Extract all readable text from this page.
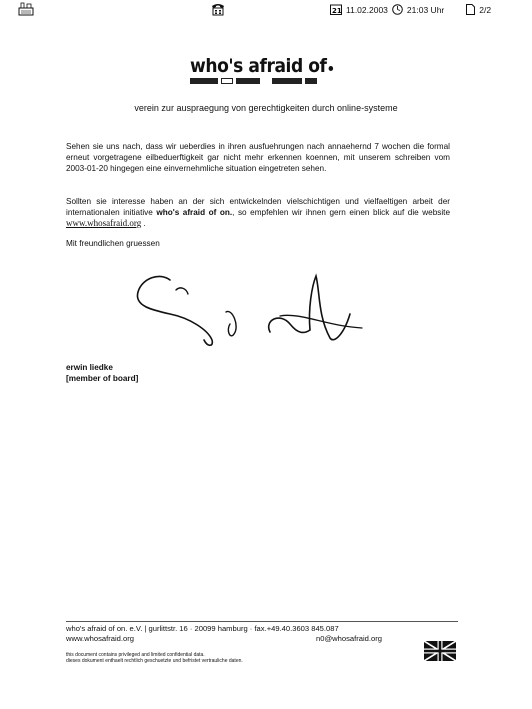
21 11.02.2003 21:03 Uhr	2/2
who's afraid of
verein zur auspraegung von gerechtigkeiten durch online-systeme
Sehen sie uns nach, dass wir ueberdies in ihren ausfuehrungen nach annaehernd 7 wochen die formal erneut vorgetragene eilbeduerftigkeit gar nicht mehr erkennen koennen, mit unserem schreiben vom 2003-01-20 hingegen eine einvernehmliche situation eingetreten sehen.
Sollten sie interesse haben an der sich entwickelnden vielschichtigen und vielfaeltigen arbeit der internationalen initiative who's afraid of on., so empfehlen wir ihnen gern einen blick auf die website www.whosafraid.org .
Mit freundlichen gruessen
erwin liedke
[member of board]
who's afraid of on. e.V. | gurlittstr. 16 · 20099 hamburg · fax.+49.40.3603 845.087
www.whosafraid.org	n0@whosafraid.org
this document contains privileged and limited confidential data.
dieses dokument enthaelt rechtlich geschuetzte und befristet vertrauliche daten.
